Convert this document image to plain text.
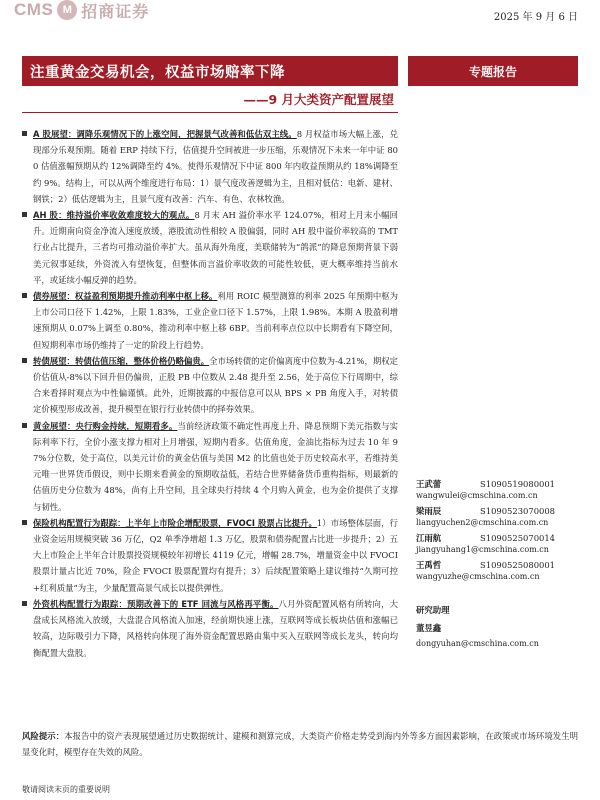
CMS M 招商证券	2025 年 9 月 6 日
注重黄金交易机会，权益市场赔率下降	专题报告
——9 月大类资产配置展望

A 股展望：调降乐观情况下的上涨空间，把握景气改善和低估双主线。8 月权益市场大幅上涨，兑现部分乐观预期。随着 ERP 持续下行，估值提升空间被进一步压缩，乐观情况下未来一年中证 800 估值涨幅预期从约 12%调降至约 4%。使得乐观情况下中证 800 年内收益预期从约 18%调降至约 9%。结构上，可以从两个维度进行布局：1）景气度改善逻辑为主，且相对低估：电新、建材、钢铁；2）低估逻辑为主，且景气度有改善：汽车、有色、农林牧渔。

AH 股：维持溢价率收敛难度较大的观点。8 月末 AH 溢价率水平 124.07%，相对上月末小幅回升。近期南向资金净流入速度放缓，港股流动性相较 A 股偏弱，同时 AH 股中溢价率较高的 TMT 行业占比提升，三者均可推动溢价率扩大。虽从海外角度，美联储转为“鸽派”的降息预期背景下弱美元叙事延续，外资流入有望恢复，但整体而言溢价率收敛的可能性较低，更大概率维持当前水平，或延续小幅反弹的趋势。

债券展望：权益盈利预期提升推动利率中枢上移。利用 ROIC 模型测算的利率 2025 年预期中枢为上市公司口径下 1.42%，上限 1.83%，工业企业口径下 1.57%，上限 1.98%。本期 A 股盈利增速预期从 0.07%上调至 0.80%，推动利率中枢上移 6BP。当前利率点位以中长期看有下降空间，但短期利率市场仍维持了一定的阶段上行趋势。

转债展望：转债估值压缩，整体价格仍略偏贵。全市场转债的定价偏离度中位数为-4.21%，期权定价估值从-8%以下回升但仍偏贵，正股 PB 中位数从 2.48 提升至 2.56，处于高位下行周期中，综合来看择时观点为中性偏谨慎。此外，近期披露的中报信息可以从 BPS × PB 角度入手，对转债定价模型形成改善，提升模型在银行行业转债中的择券效果。

黄金展望：央行购金持续，短期看多。当前经济政策不确定性再度上升、降息预期下美元指数与实际利率下行，全价小涨支撑力相对上月增强，短期内看多。估值角度，金油比指标为过去 10 年 97%分位数，处于高位，以美元计价的黄金估值与美国 M2 的比值也处于历史较高水平，若维持美元唯一世界货币假设，则中长期来看黄金的预期收益低，若结合世界储备货币重构指标，则最新的估值历史分位数为 48%，尚有上升空间，且全球央行持续 4 个月购入黄金，也为金价提供了支撑与韧性。

保险机构配置行为跟踪：上半年上市险企增配股票，FVOCI 股票占比提升。1）市场整体层面，行业资金运用规模突破 36 万亿，Q2 单季净增超 1.3 万亿，股票和债券配置占比进一步提升；2）五大上市险企上半年合计股票投资规模较年初增长 4119 亿元，增幅 28.7%，增量资金中以 FVOCI 股票计量占比近 70%，险企 FVOCI 股票配置均有提升；3）后续配置策略上建议维持“久期可控+红利质量”为主，少量配置高景气成长以提供弹性。

外资机构配置行为跟踪：预期改善下的 ETF 回流与风格再平衡。八月外资配置风格有所转向，大盘成长风格流入放缓，大盘混合风格流入加速，经前期快速上涨，互联网等成长板块估值和涨幅已较高，边际吸引力下降，风格转向体现了海外资金配置思路由集中买入互联网等成长龙头，转向均衡配置大盘股。

王武蕾	S1090519080001
wangwulei@cmschina.com.cn
梁雨辰	S1090523070008
liangyuchen2@cmschina.com.cn
江雨航	S1090525070014
jiangyuhang1@cmschina.com.cn
王禹哲	S1090525080001
wangyuzhe@cmschina.com.cn
研究助理
董昱鑫
dongyuhan@cmschina.com.cn

风险提示：本报告中的资产表现展望通过历史数据统计、建模和测算完成，大类资产价格走势受到海内外等多方面因素影响，在政策或市场环境发生明显变化时，模型存在失效的风险。

敬请阅读末页的重要说明
